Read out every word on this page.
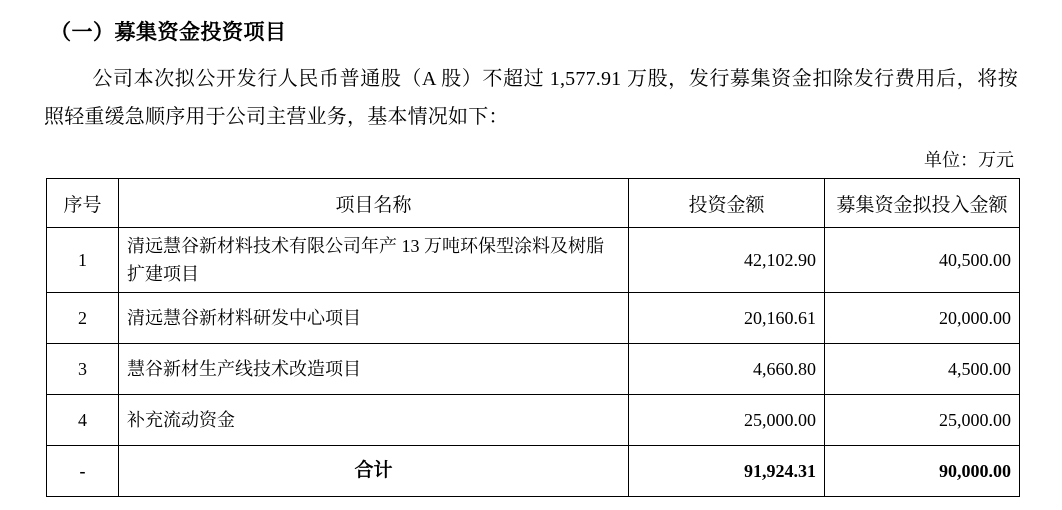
（一）募集资金投资项目

公司本次拟公开发行人民币普通股（A 股）不超过 1,577.91 万股，发行募集资金扣除发行费用后，将按照轻重缓急顺序用于公司主营业务，基本情况如下：

单位：万元
序号	项目名称	投资金额	募集资金拟投入金额
1	清远慧谷新材料技术有限公司年产 13 万吨环保型涂料及树脂扩建项目	42,102.90	40,500.00
2	清远慧谷新材料研发中心项目	20,160.61	20,000.00
3	慧谷新材生产线技术改造项目	4,660.80	4,500.00
4	补充流动资金	25,000.00	25,000.00
-	合计	91,924.31	90,000.00
